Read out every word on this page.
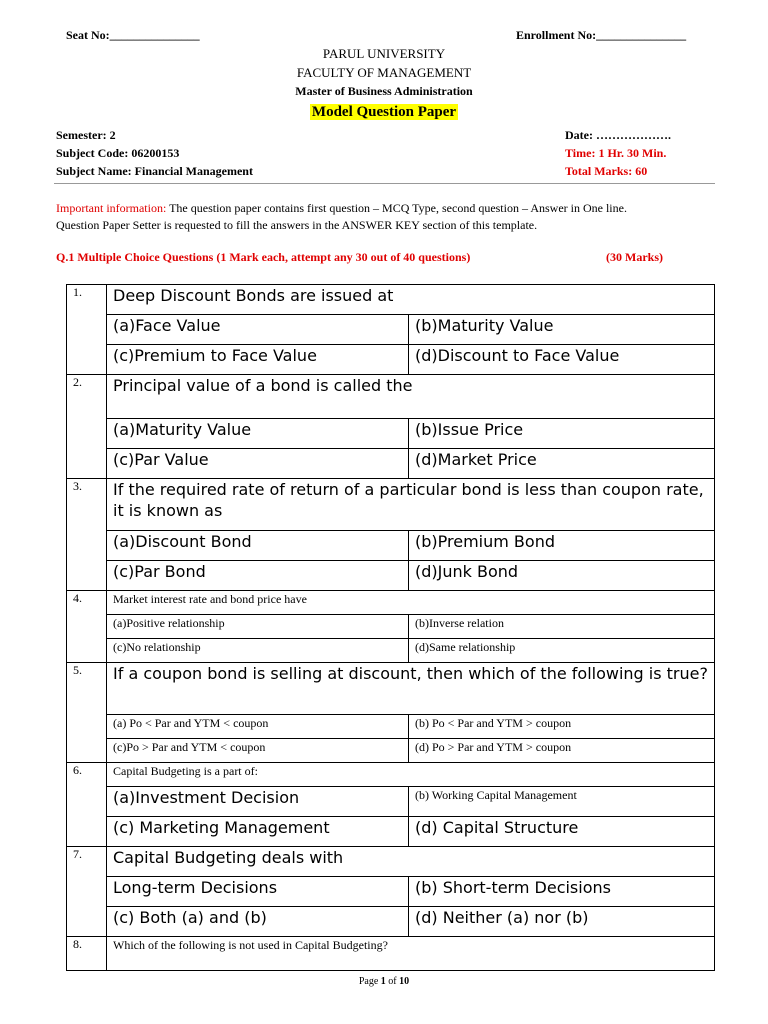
Seat No:_______________	Enrollment No:_______________
PARUL UNIVERSITY
FACULTY OF MANAGEMENT
Master of Business Administration
Model Question Paper
Semester: 2
Subject Code: 06200153
Subject Name: Financial Management
Date: ……………….
Time: 1 Hr. 30 Min.
Total Marks: 60
Important information: The question paper contains first question – MCQ Type, second question – Answer in One line.
Question Paper Setter is requested to fill the answers in the ANSWER KEY section of this template.
Q.1 Multiple Choice Questions (1 Mark each, attempt any 30 out of 40 questions)	(30 Marks)
1.	Deep Discount Bonds are issued at	
	(a)Face Value	(b)Maturity Value
	(c)Premium to Face Value	(d)Discount to Face Value
2.	Principal value of a bond is called the	
	(a)Maturity Value	(b)Issue Price
	(c)Par Value	(d)Market Price
3.	If the required rate of return of a particular bond is less than coupon rate, it is known as	
	(a)Discount Bond	(b)Premium Bond
	(c)Par Bond	(d)Junk Bond
4.	Market interest rate and bond price have	
	(a)Positive relationship	(b)Inverse relation
	(c)No relationship	(d)Same relationship
5.	If a coupon bond is selling at discount, then which of the following is true?	
	(a) Po < Par and YTM < coupon	(b) Po < Par and YTM > coupon
	(c)Po > Par and YTM < coupon	(d) Po > Par and YTM > coupon
6.	Capital Budgeting is a part of:	
	(a)Investment Decision	(b) Working Capital Management
	(c) Marketing Management	(d) Capital Structure
7.	Capital Budgeting deals with	
	Long-term Decisions	(b) Short-term Decisions
	(c) Both (a) and (b)	(d) Neither (a) nor (b)
8.	Which of the following is not used in Capital Budgeting?	
Page 1 of 10
